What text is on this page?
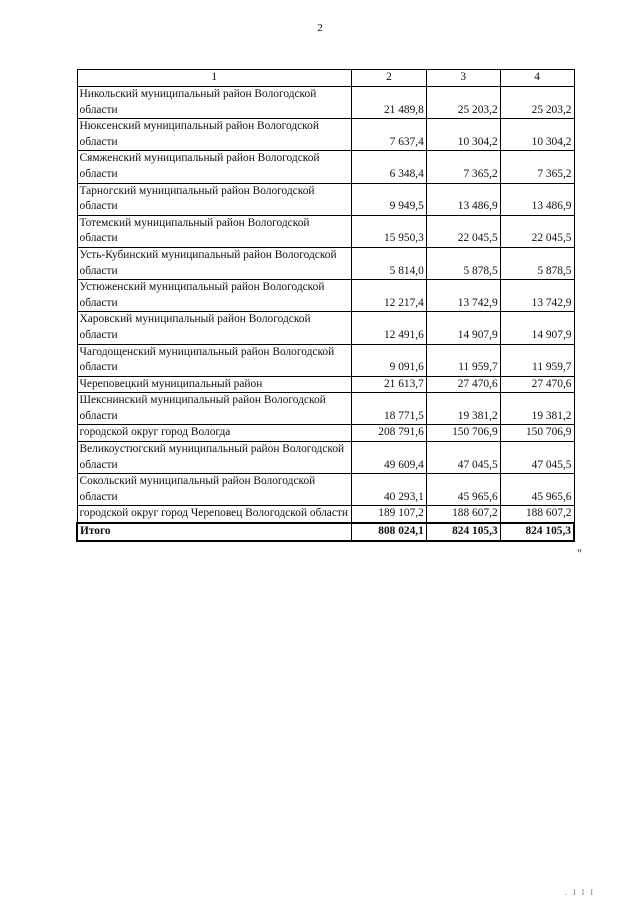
2
1	2	3	4
Никольский муниципальный район Вологодской области	21 489,8	25 203,2	25 203,2
Нюксенский муниципальный район Вологодской области	7 637,4	10 304,2	10 304,2
Сямженский муниципальный район Вологодской области	6 348,4	7 365,2	7 365,2
Тарногский муниципальный район Вологодской области	9 949,5	13 486,9	13 486,9
Тотемский муниципальный район Вологодской области	15 950,3	22 045,5	22 045,5
Усть-Кубинский муниципальный район Вологодской области	5 814,0	5 878,5	5 878,5
Устюженский муниципальный район Вологодской области	12 217,4	13 742,9	13 742,9
Харовский муниципальный район Вологодской области	12 491,6	14 907,9	14 907,9
Чагодощенский муниципальный район Вологодской области	9 091,6	11 959,7	11 959,7
Череповецкий муниципальный район	21 613,7	27 470,6	27 470,6
Шекснинский муниципальный район Вологодской области	18 771,5	19 381,2	19 381,2
городской округ город Вологда	208 791,6	150 706,9	150 706,9
Великоустюгский муниципальный район Вологодской области	49 609,4	47 045,5	47 045,5
Сокольский муниципальный район Вологодской области	40 293,1	45 965,6	45 965,6
городской округ город Череповец Вологодской области	189 107,2	188 607,2	188 607,2
Итого	808 024,1	824 105,3	824 105,3
"
. I I I
